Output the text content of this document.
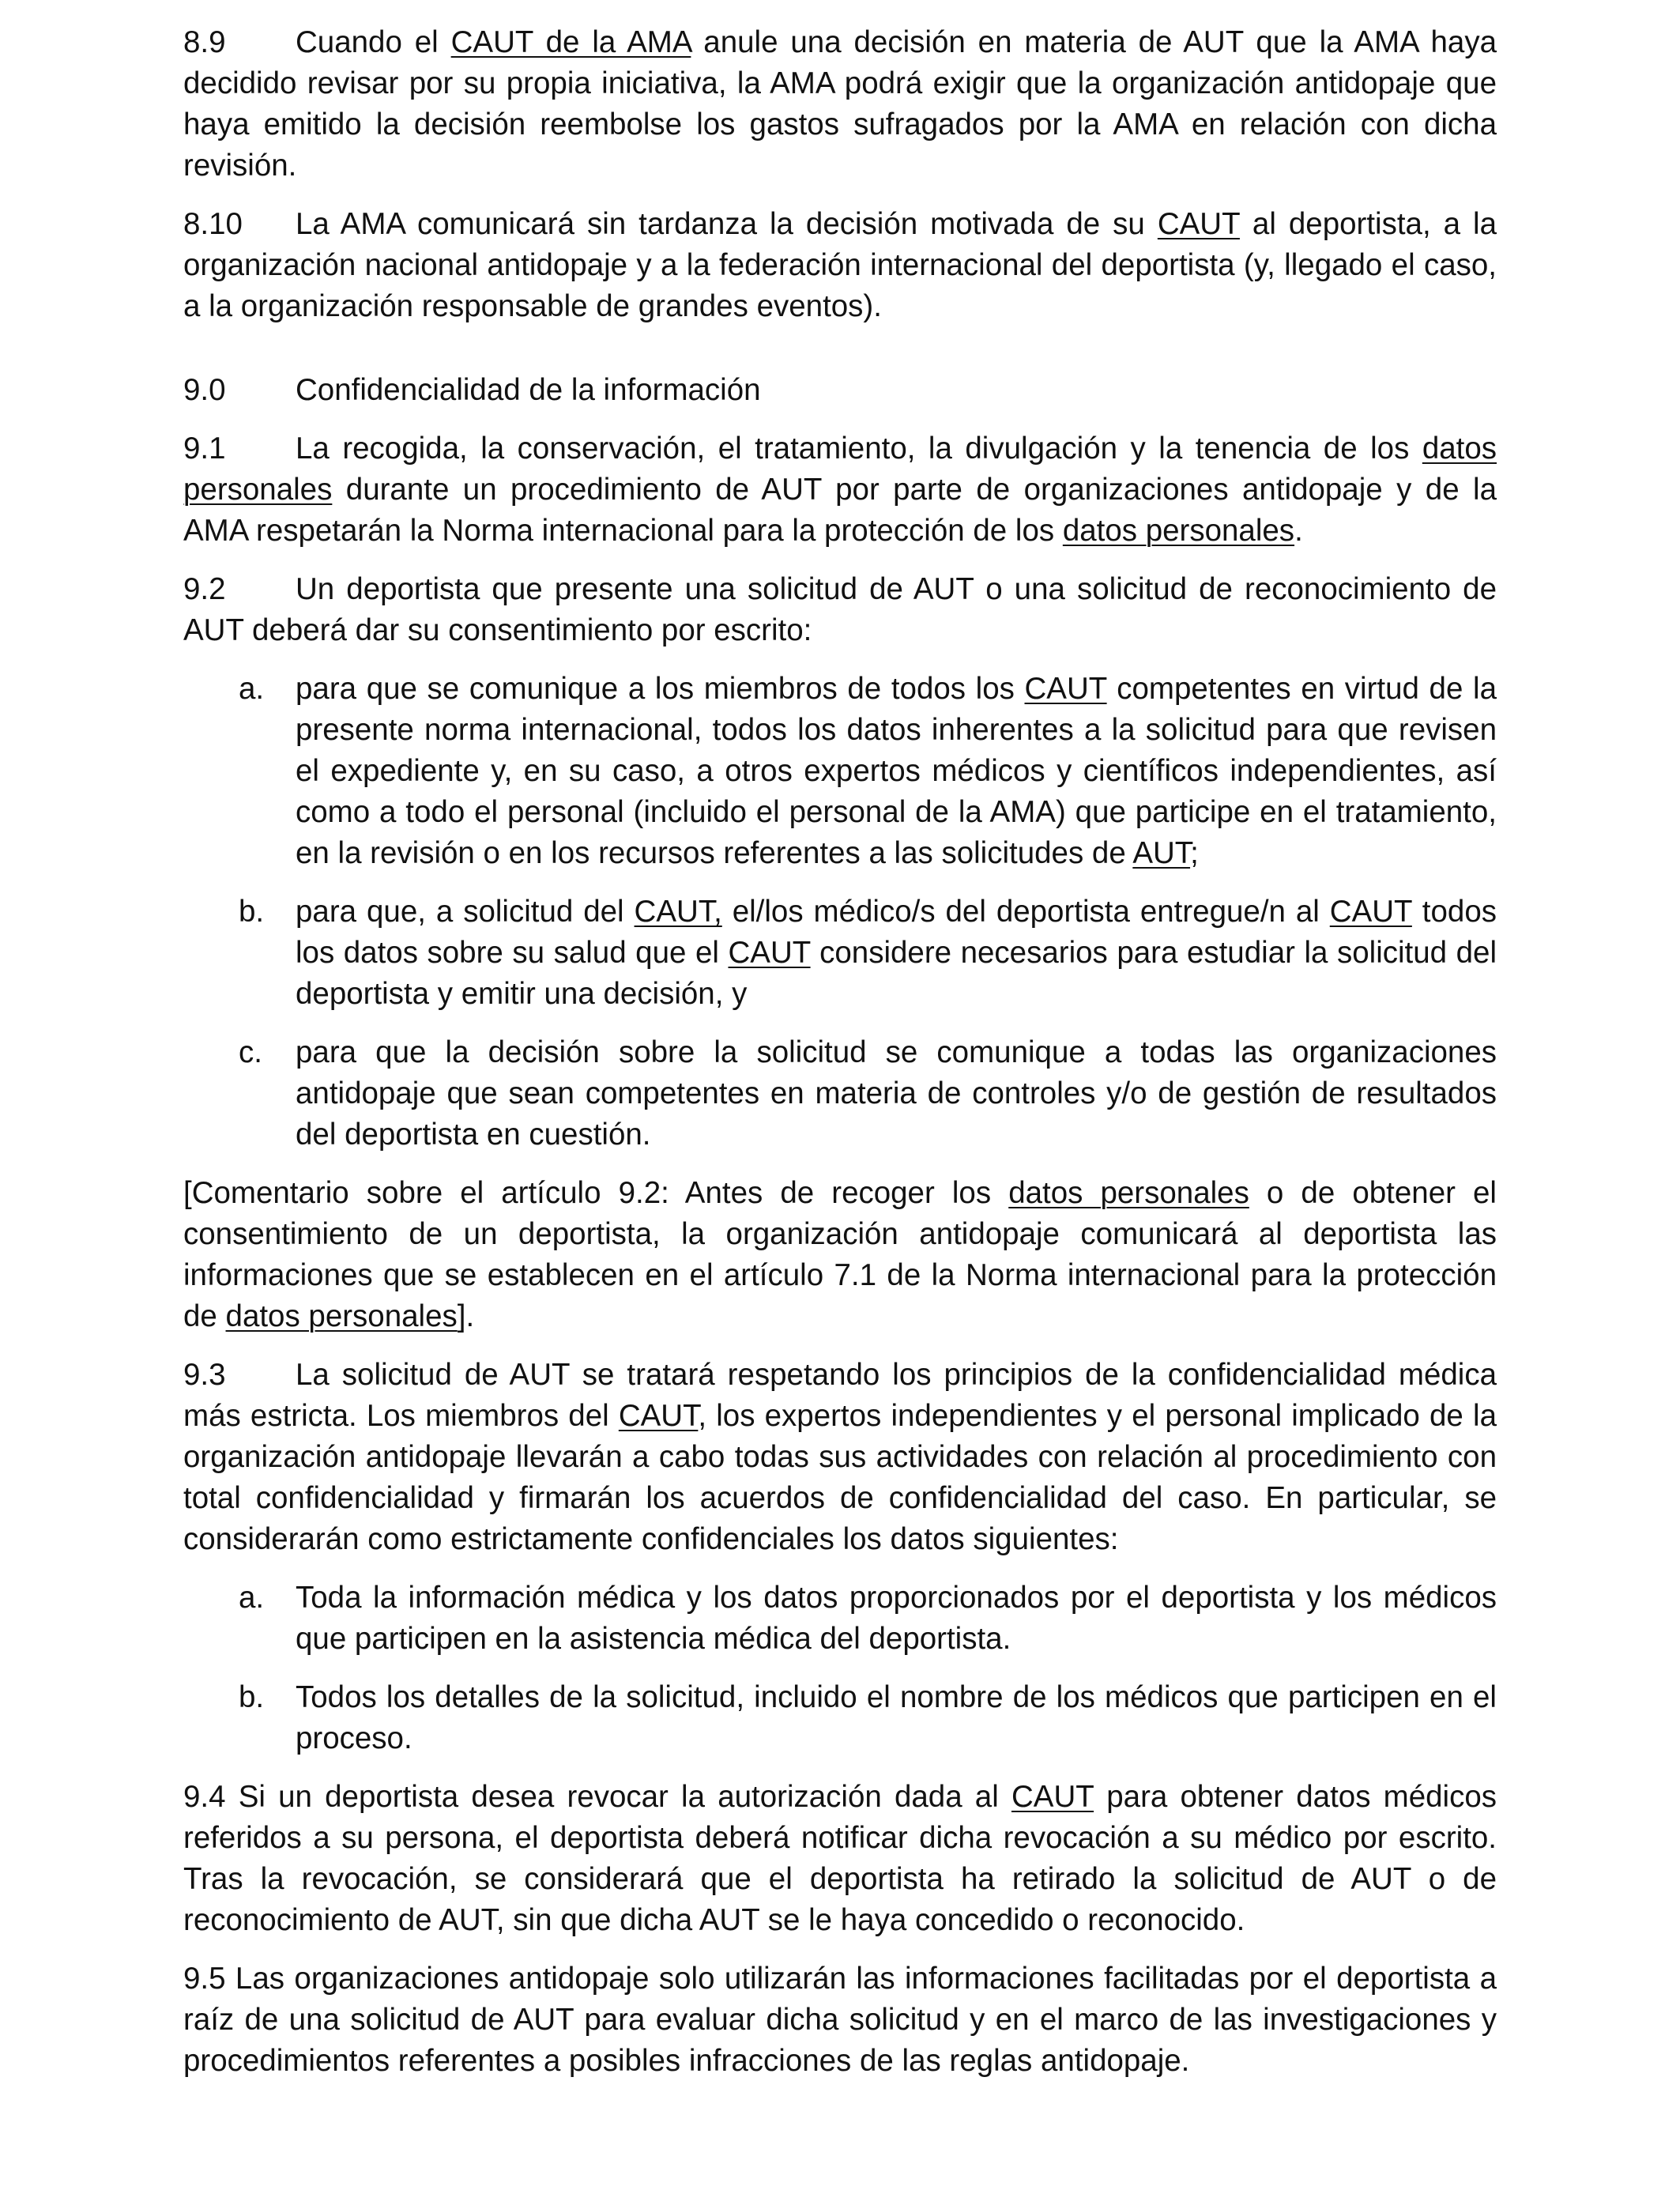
8.9 Cuando el CAUT de la AMA anule una decisión en materia de AUT que la AMA haya decidido revisar por su propia iniciativa, la AMA podrá exigir que la organización antidopaje que haya emitido la decisión reembolse los gastos sufragados por la AMA en relación con dicha revisión.

8.10 La AMA comunicará sin tardanza la decisión motivada de su CAUT al deportista, a la organización nacional antidopaje y a la federación internacional del deportista (y, llegado el caso, a la organización responsable de grandes eventos).

9.0 Confidencialidad de la información

9.1 La recogida, la conservación, el tratamiento, la divulgación y la tenencia de los datos personales durante un procedimiento de AUT por parte de organizaciones antidopaje y de la AMA respetarán la Norma internacional para la protección de los datos personales.

9.2 Un deportista que presente una solicitud de AUT o una solicitud de reconocimiento de AUT deberá dar su consentimiento por escrito:

a. para que se comunique a los miembros de todos los CAUT competentes en virtud de la presente norma internacional, todos los datos inherentes a la solicitud para que revisen el expediente y, en su caso, a otros expertos médicos y científicos independientes, así como a todo el personal (incluido el personal de la AMA) que participe en el tratamiento, en la revisión o en los recursos referentes a las solicitudes de AUT;
b. para que, a solicitud del CAUT, el/los médico/s del deportista entregue/n al CAUT todos los datos sobre su salud que el CAUT considere necesarios para estudiar la solicitud del deportista y emitir una decisión, y
c. para que la decisión sobre la solicitud se comunique a todas las organizaciones antidopaje que sean competentes en materia de controles y/o de gestión de resultados del deportista en cuestión.

[Comentario sobre el artículo 9.2: Antes de recoger los datos personales o de obtener el consentimiento de un deportista, la organización antidopaje comunicará al deportista las informaciones que se establecen en el artículo 7.1 de la Norma internacional para la protección de datos personales].

9.3 La solicitud de AUT se tratará respetando los principios de la confidencialidad médica más estricta. Los miembros del CAUT, los expertos independientes y el personal implicado de la organización antidopaje llevarán a cabo todas sus actividades con relación al procedimiento con total confidencialidad y firmarán los acuerdos de confidencialidad del caso. En particular, se considerarán como estrictamente confidenciales los datos siguientes:

a. Toda la información médica y los datos proporcionados por el deportista y los médicos que participen en la asistencia médica del deportista.
b. Todos los detalles de la solicitud, incluido el nombre de los médicos que participen en el proceso.

9.4 Si un deportista desea revocar la autorización dada al CAUT para obtener datos médicos referidos a su persona, el deportista deberá notificar dicha revocación a su médico por escrito. Tras la revocación, se considerará que el deportista ha retirado la solicitud de AUT o de reconocimiento de AUT, sin que dicha AUT se le haya concedido o reconocido.

9.5 Las organizaciones antidopaje solo utilizarán las informaciones facilitadas por el deportista a raíz de una solicitud de AUT para evaluar dicha solicitud y en el marco de las investigaciones y procedimientos referentes a posibles infracciones de las reglas antidopaje.
